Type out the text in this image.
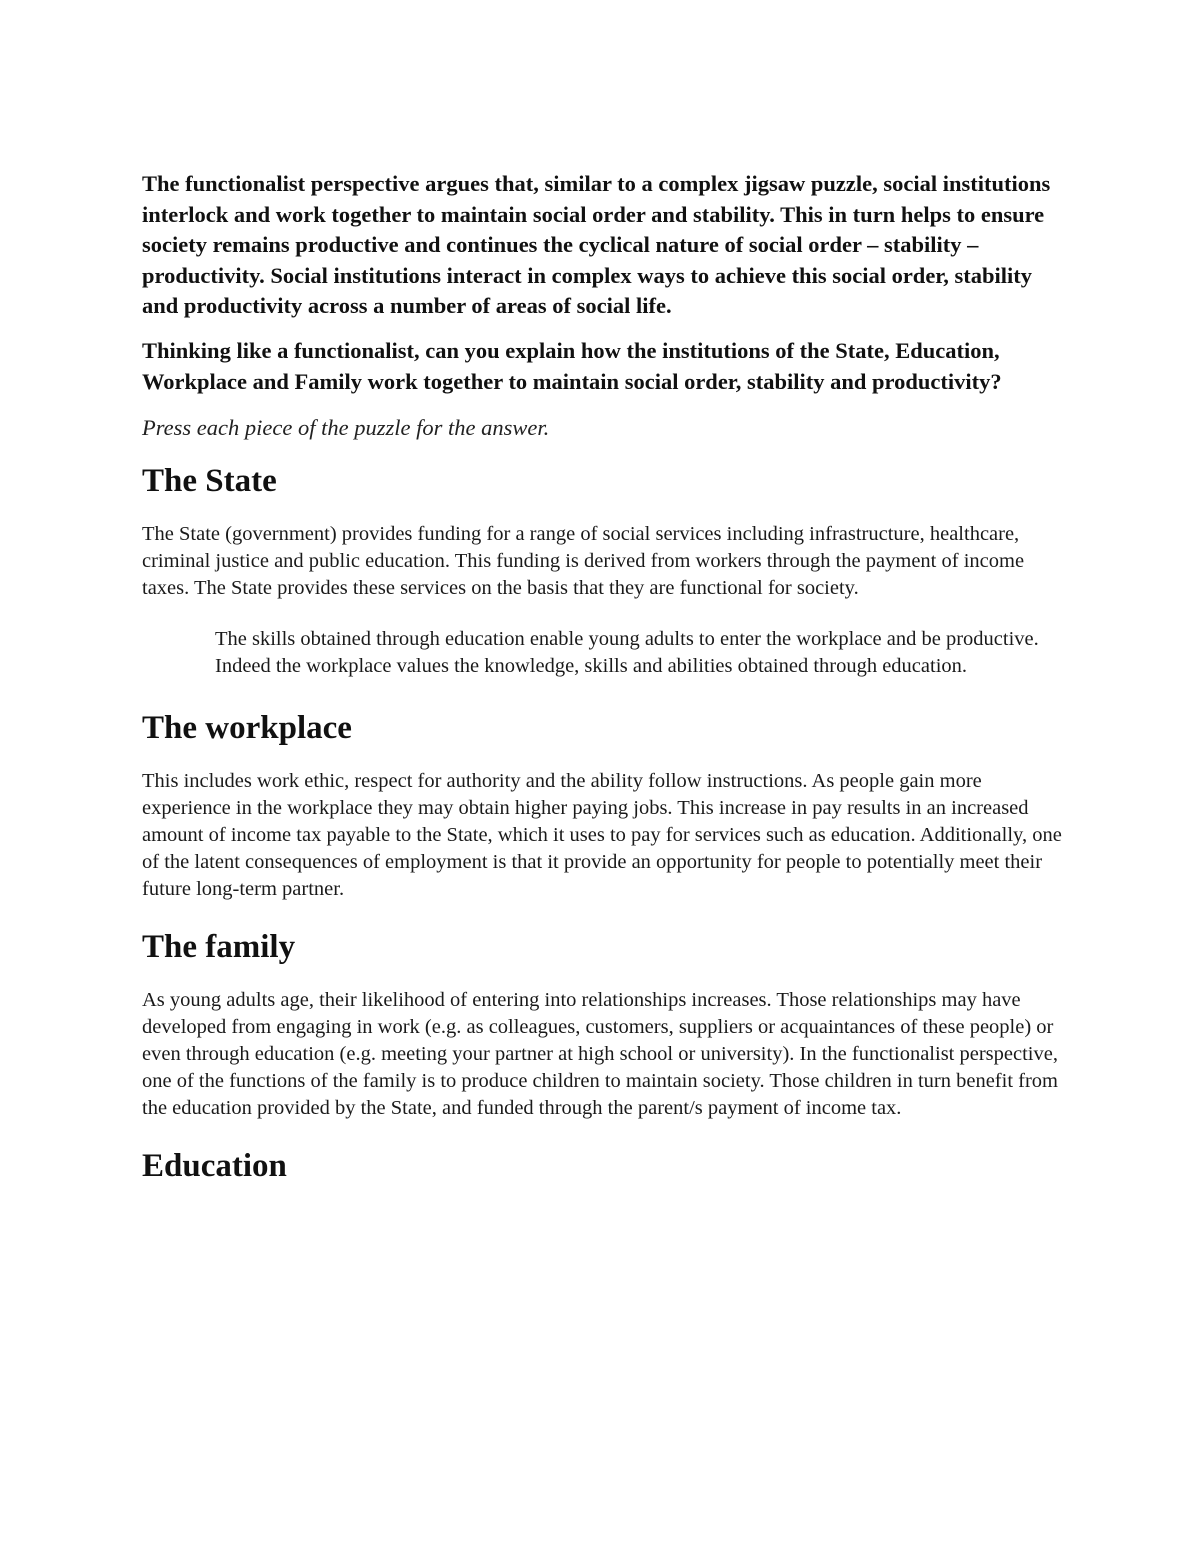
The functionalist perspective argues that, similar to a complex jigsaw puzzle, social institutions interlock and work together to maintain social order and stability. This in turn helps to ensure society remains productive and continues the cyclical nature of social order – stability – productivity. Social institutions interact in complex ways to achieve this social order, stability and productivity across a number of areas of social life.

Thinking like a functionalist, can you explain how the institutions of the State, Education, Workplace and Family work together to maintain social order, stability and productivity?

Press each piece of the puzzle for the answer.

The State

The State (government) provides funding for a range of social services including infrastructure, healthcare, criminal justice and public education. This funding is derived from workers through the payment of income taxes. The State provides these services on the basis that they are functional for society.

The skills obtained through education enable young adults to enter the workplace and be productive. Indeed the workplace values the knowledge, skills and abilities obtained through education.

The workplace

This includes work ethic, respect for authority and the ability follow instructions. As people gain more experience in the workplace they may obtain higher paying jobs. This increase in pay results in an increased amount of income tax payable to the State, which it uses to pay for services such as education. Additionally, one of the latent consequences of employment is that it provide an opportunity for people to potentially meet their future long-term partner.

The family

As young adults age, their likelihood of entering into relationships increases. Those relationships may have developed from engaging in work (e.g. as colleagues, customers, suppliers or acquaintances of these people) or even through education (e.g. meeting your partner at high school or university). In the functionalist perspective, one of the functions of the family is to produce children to maintain society. Those children in turn benefit from the education provided by the State, and funded through the parent/s payment of income tax.

Education
